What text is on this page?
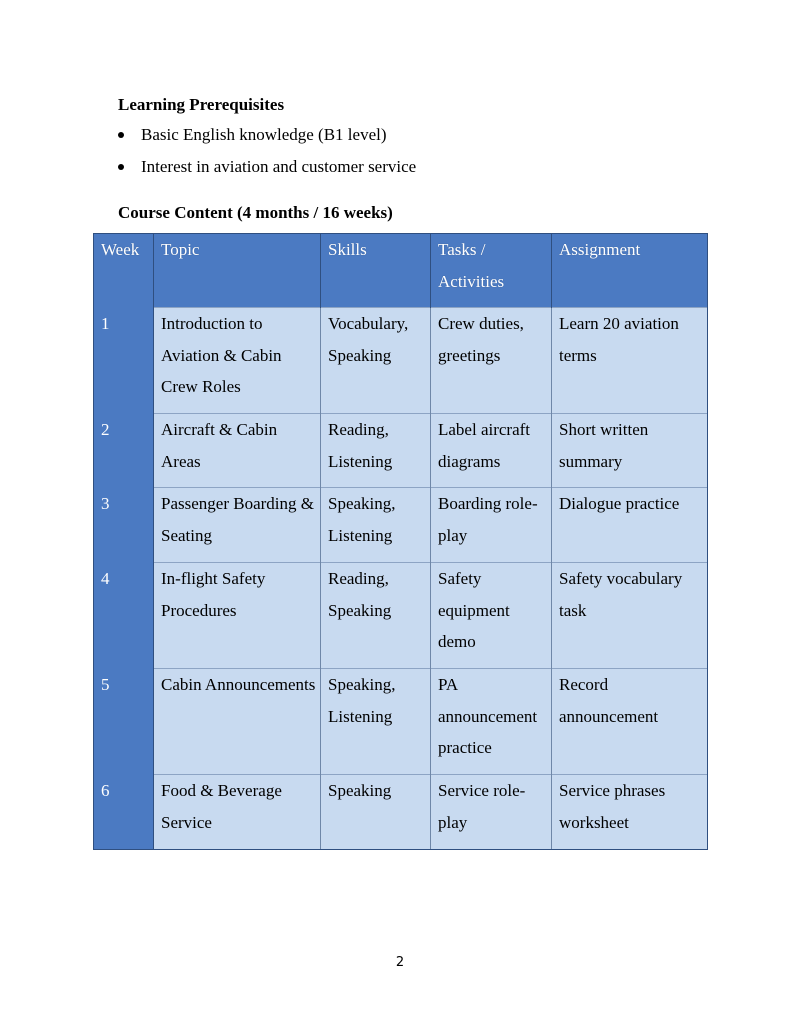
Learning Prerequisites
Basic English knowledge (B1 level)
Interest in aviation and customer service
Course Content (4 months / 16 weeks)
Week	Topic	Skills	Tasks / Activities	Assignment
1	Introduction to Aviation & Cabin Crew Roles	Vocabulary, Speaking	Crew duties, greetings	Learn 20 aviation terms
2	Aircraft & Cabin Areas	Reading, Listening	Label aircraft diagrams	Short written summary
3	Passenger Boarding & Seating	Speaking, Listening	Boarding role-play	Dialogue practice
4	In-flight Safety Procedures	Reading, Speaking	Safety equipment demo	Safety vocabulary task
5	Cabin Announcements	Speaking, Listening	PA announcement practice	Record announcement
6	Food & Beverage Service	Speaking	Service role-play	Service phrases worksheet
2
